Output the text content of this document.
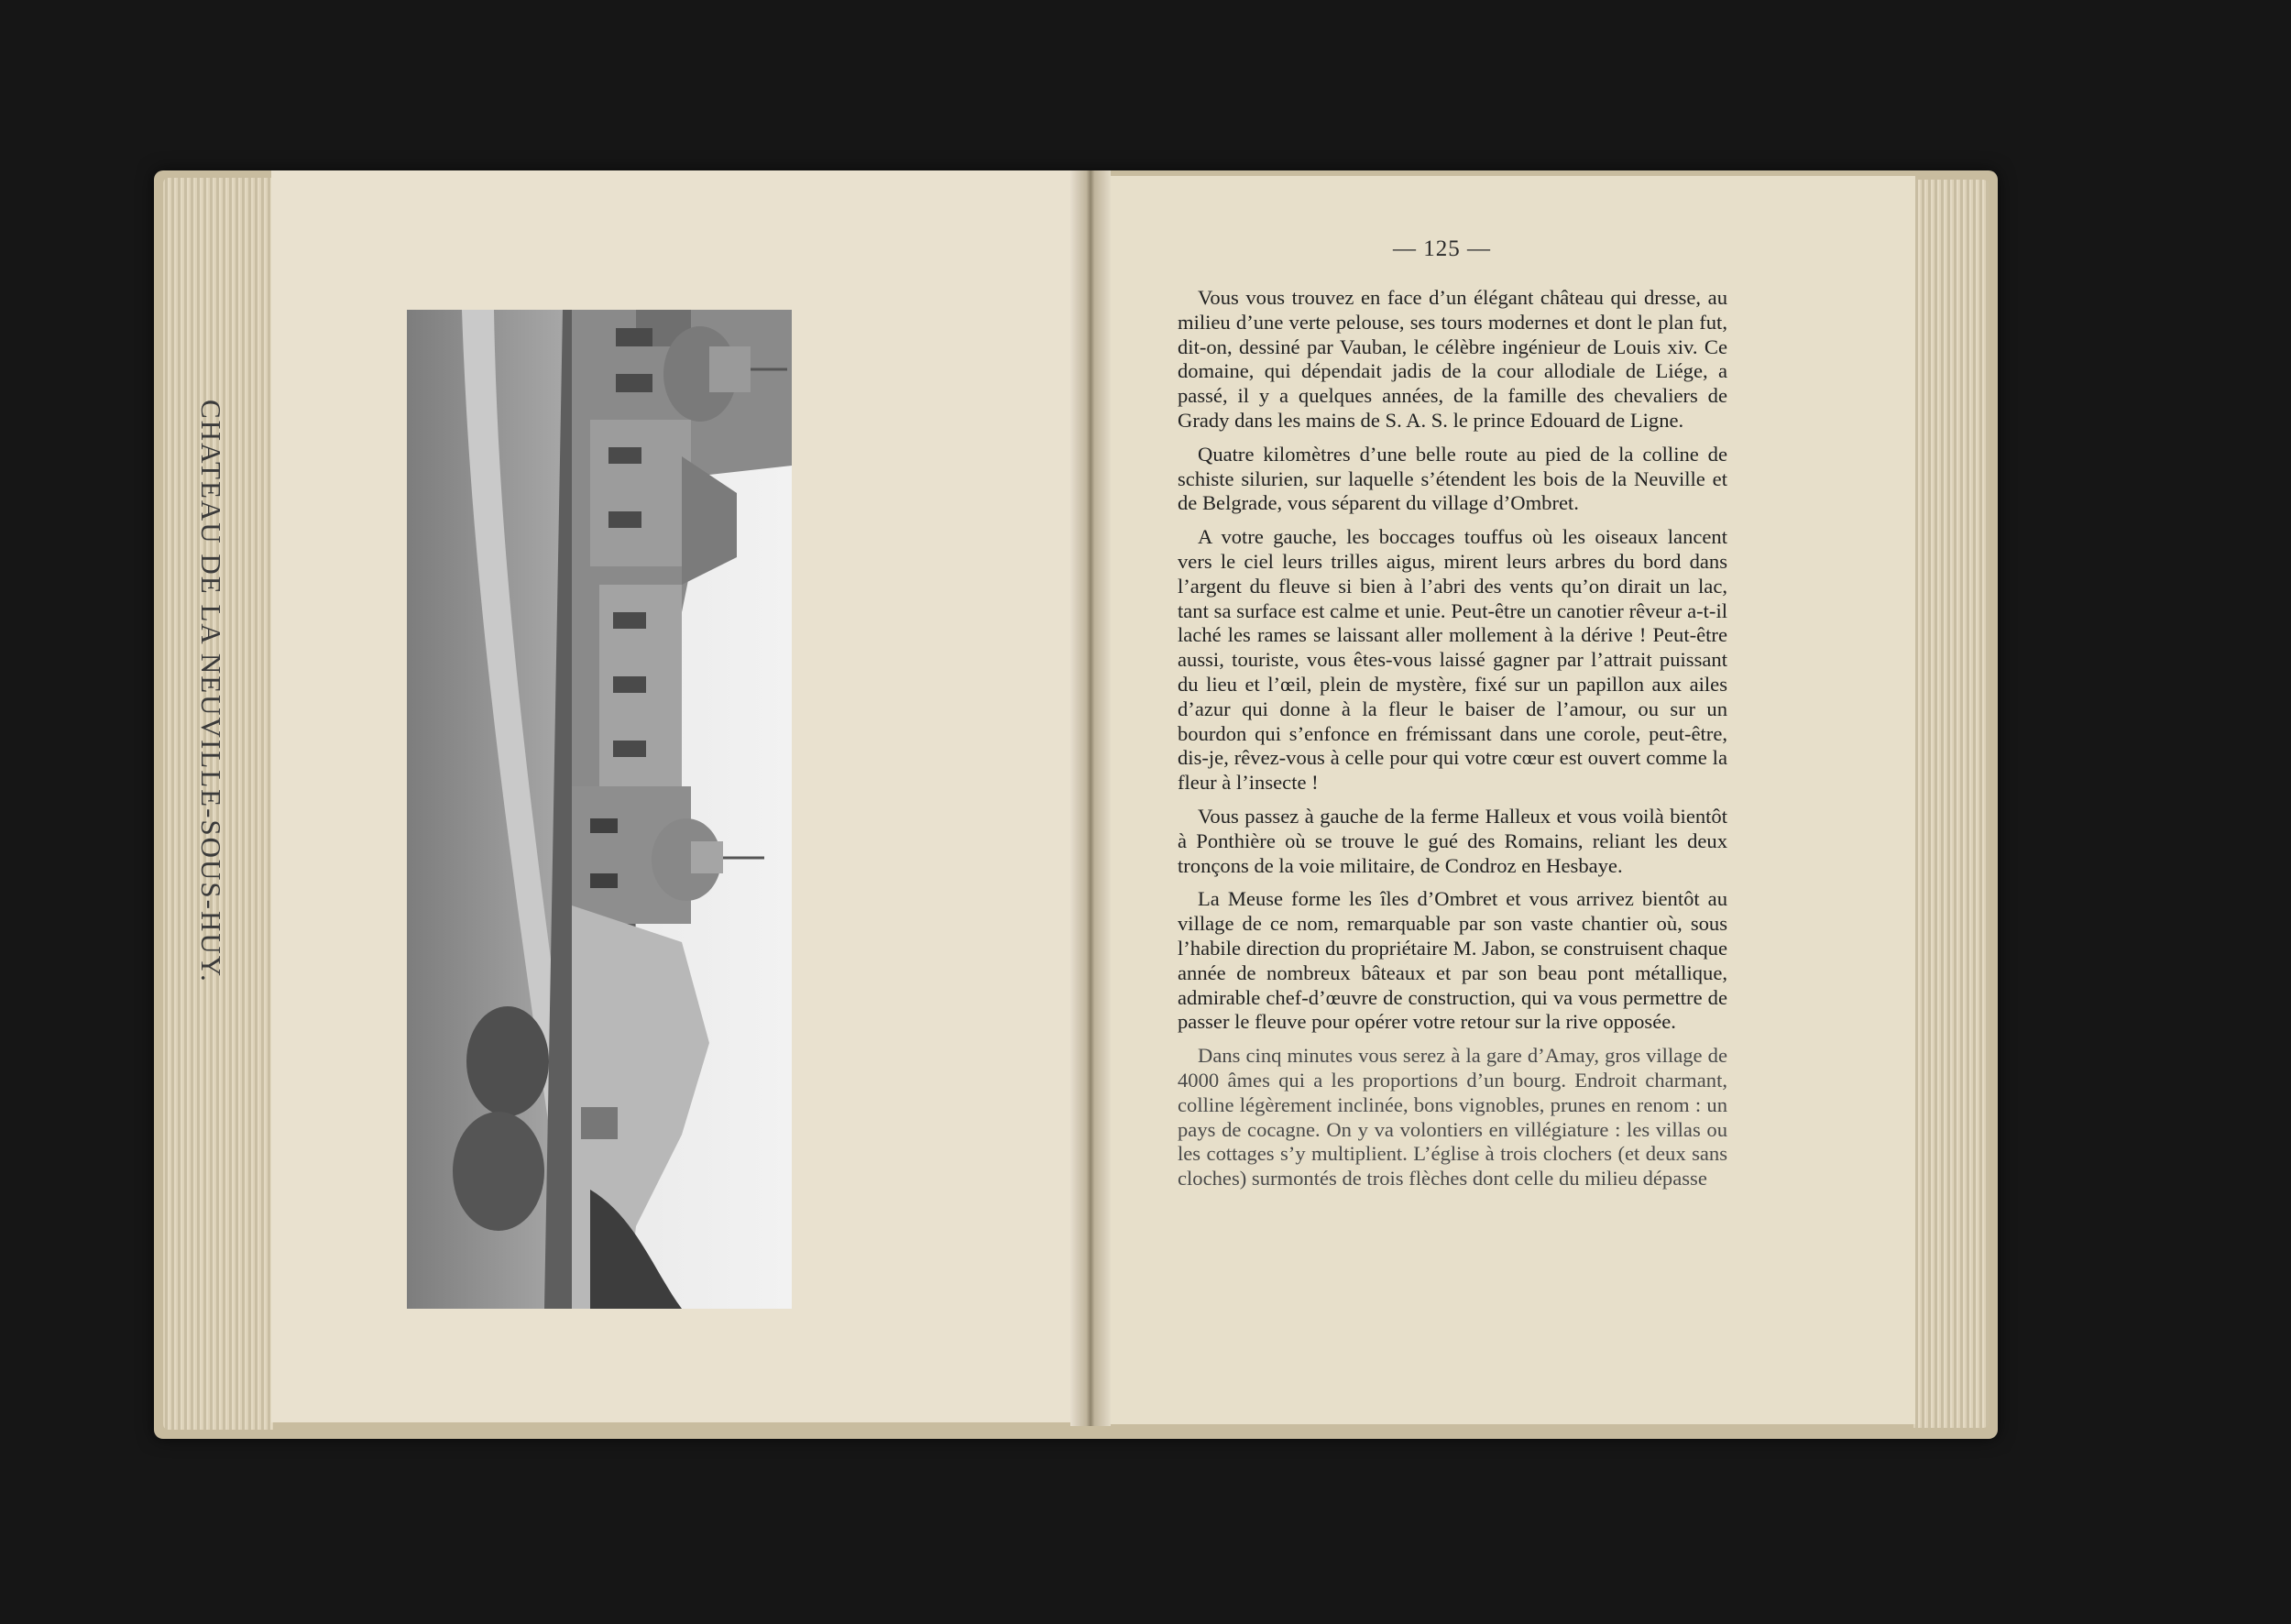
CHATEAU DE LA NEUVILLE-SOUS-HUY.
— 125 —

Vous vous trouvez en face d’un élégant château qui dresse, au milieu d’une verte pelouse, ses tours modernes et dont le plan fut, dit-on, dessiné par Vauban, le célèbre ingénieur de Louis xiv. Ce domaine, qui dépendait jadis de la cour allodiale de Liége, a passé, il y a quelques années, de la famille des chevaliers de Grady dans les mains de S. A. S. le prince Edouard de Ligne.

Quatre kilomètres d’une belle route au pied de la colline de schiste silurien, sur laquelle s’étendent les bois de la Neuville et de Belgrade, vous séparent du village d’Ombret.

A votre gauche, les boccages touffus où les oiseaux lancent vers le ciel leurs trilles aigus, mirent leurs arbres du bord dans l’argent du fleuve si bien à l’abri des vents qu’on dirait un lac, tant sa surface est calme et unie. Peut-être un canotier rêveur a-t-il laché les rames se laissant aller mollement à la dérive ! Peut-être aussi, touriste, vous êtes-vous laissé gagner par l’attrait puissant du lieu et l’œil, plein de mystère, fixé sur un papillon aux ailes d’azur qui donne à la fleur le baiser de l’amour, ou sur un bourdon qui s’enfonce en frémissant dans une corole, peut-être, dis-je, rêvez-vous à celle pour qui votre cœur est ouvert comme la fleur à l’insecte !

Vous passez à gauche de la ferme Halleux et vous voilà bientôt à Ponthière où se trouve le gué des Romains, reliant les deux tronçons de la voie militaire, de Condroz en Hesbaye.

La Meuse forme les îles d’Ombret et vous arrivez bientôt au village de ce nom, remarquable par son vaste chantier où, sous l’habile direction du propriétaire M. Jabon, se construisent chaque année de nombreux bâteaux et par son beau pont métallique, admirable chef-d’œuvre de construction, qui va vous permettre de passer le fleuve pour opérer votre retour sur la rive opposée.

Dans cinq minutes vous serez à la gare d’Amay, gros village de 4000 âmes qui a les proportions d’un bourg. Endroit charmant, colline légèrement inclinée, bons vignobles, prunes en renom : un pays de cocagne. On y va volontiers en villégiature : les villas ou les cottages s’y multiplient. L’église à trois clochers (et deux sans cloches) surmontés de trois flèches dont celle du milieu dépasse
